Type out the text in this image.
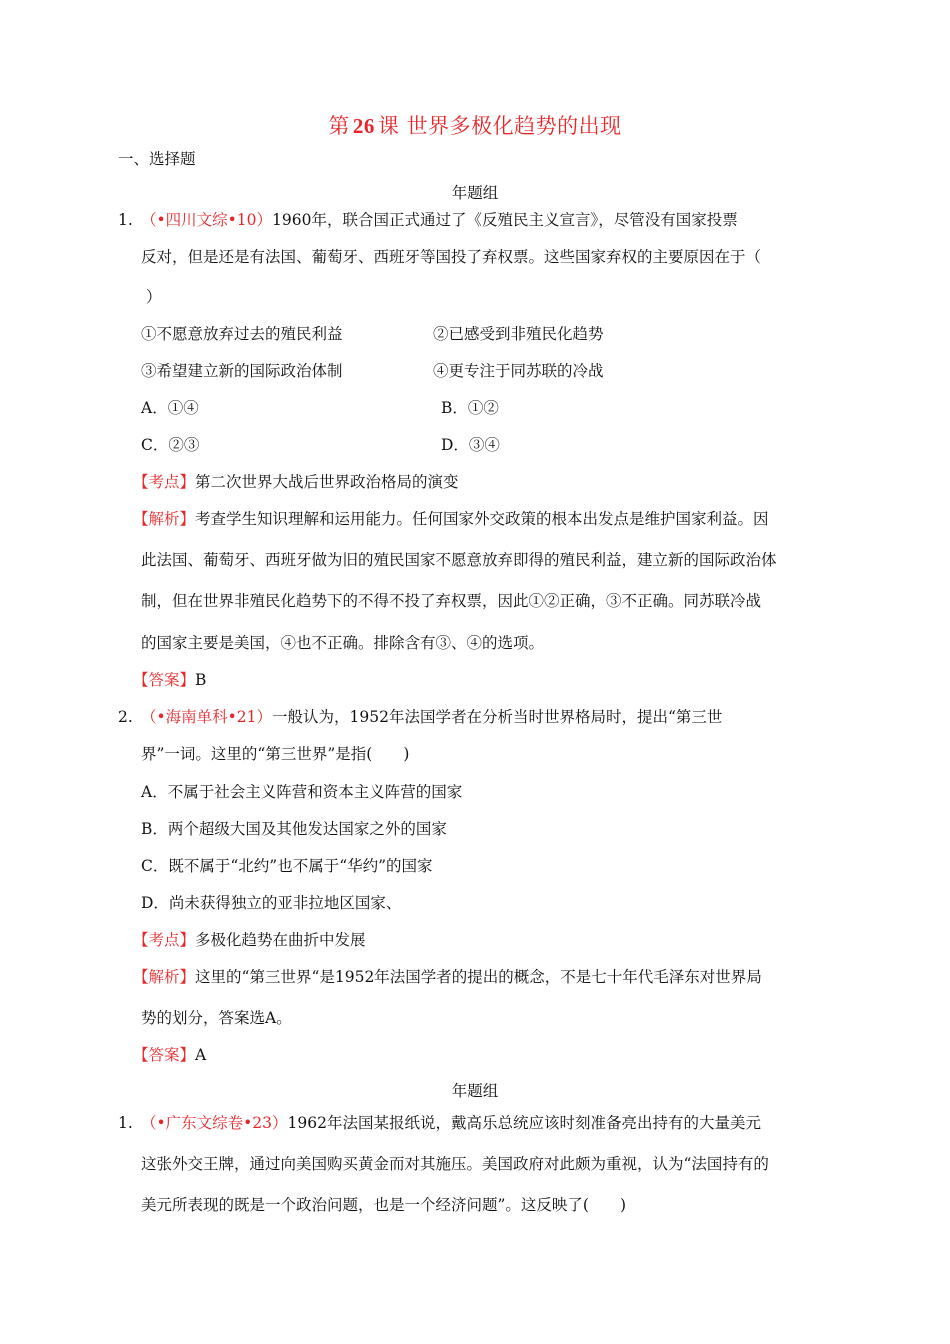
第 26 课 世界多极化趋势的出现
一、选择题
年题组
1. （•四川文综•10）1960年，联合国正式通过了《反殖民主义宣言》，尽管没有国家投票
反对，但是还是有法国、葡萄牙、西班牙等国投了弃权票。这些国家弃权的主要原因在于（
）
①不愿意放弃过去的殖民利益	②已感受到非殖民化趋势
③希望建立新的国际政治体制	④更专注于同苏联的冷战
A．①④	B．①②
C．②③	D．③④
【考点】第二次世界大战后世界政治格局的演变
【解析】考查学生知识理解和运用能力。任何国家外交政策的根本出发点是维护国家利益。因
此法国、葡萄牙、西班牙做为旧的殖民国家不愿意放弃即得的殖民利益，建立新的国际政治体
制，但在世界非殖民化趋势下的不得不投了弃权票，因此①②正确，③不正确。同苏联冷战
的国家主要是美国，④也不正确。排除含有③、④的选项。
【答案】B
2. （•海南单科•21）一般认为，1952年法国学者在分析当时世界格局时，提出“第三世
界”一词。这里的“第三世界”是指(　　)
A．不属于社会主义阵营和资本主义阵营的国家
B．两个超级大国及其他发达国家之外的国家
C．既不属于“北约”也不属于“华约”的国家
D．尚未获得独立的亚非拉地区国家、
【考点】多极化趋势在曲折中发展
【解析】这里的“第三世界“是1952年法国学者的提出的概念，不是七十年代毛泽东对世界局
势的划分，答案选A。
【答案】A
年题组
1. （•广东文综卷•23）1962年法国某报纸说，戴高乐总统应该时刻准备亮出持有的大量美元
这张外交王牌，通过向美国购买黄金而对其施压。美国政府对此颇为重视，认为“法国持有的
美元所表现的既是一个政治问题，也是一个经济问题”。这反映了(　　)
